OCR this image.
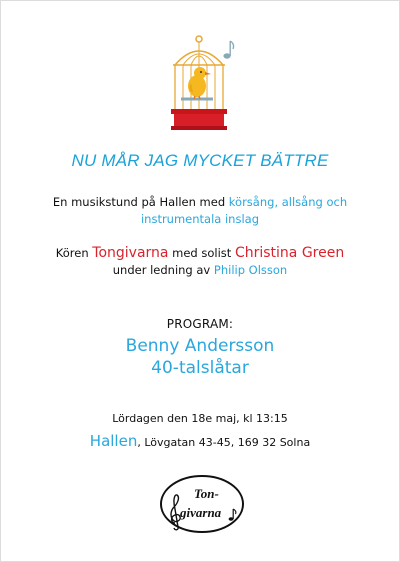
NU MÅR JAG MYCKET BÄTTRE
En musikstund på Hallen med körsång, allsång och
instrumentala inslag
Kören Tongivarna med solist Christina Green
under ledning av Philip Olsson
PROGRAM:
Benny Andersson
40-talslåtar
Lördagen den 18e maj, kl 13:15
Hallen, Lövgatan 43-45, 169 32 Solna
Ton-
givarna
